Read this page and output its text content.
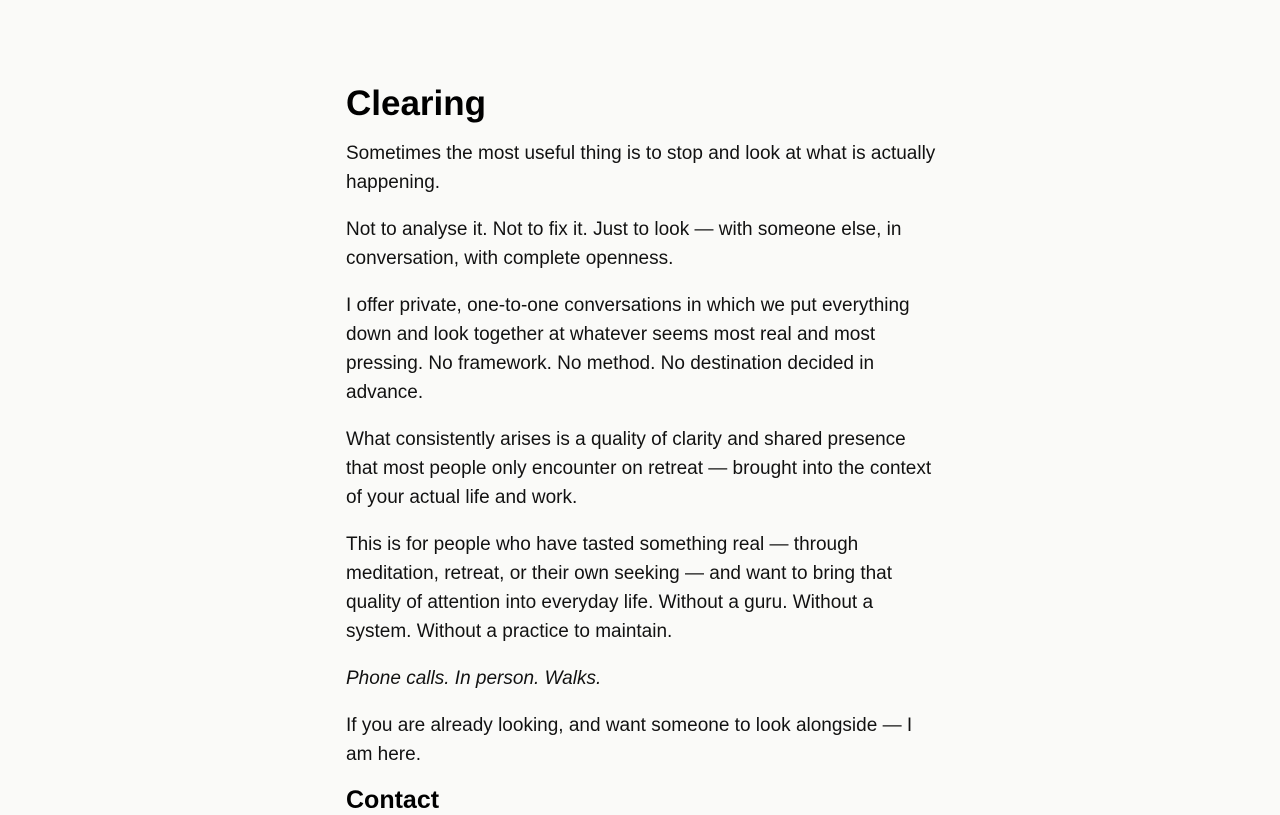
Clearing

Sometimes the most useful thing is to stop and look at what is actually happening.

Not to analyse it. Not to fix it. Just to look — with someone else, in conversation, with complete openness.

I offer private, one-to-one conversations in which we put everything down and look together at whatever seems most real and most pressing. No framework. No method. No destination decided in advance.

What consistently arises is a quality of clarity and shared presence that most people only encounter on retreat — brought into the context of your actual life and work.

This is for people who have tasted something real — through meditation, retreat, or their own seeking — and want to bring that quality of attention into everyday life. Without a guru. Without a system. Without a practice to maintain.

Phone calls. In person. Walks.

If you are already looking, and want someone to look alongside — I am here.

Contact
